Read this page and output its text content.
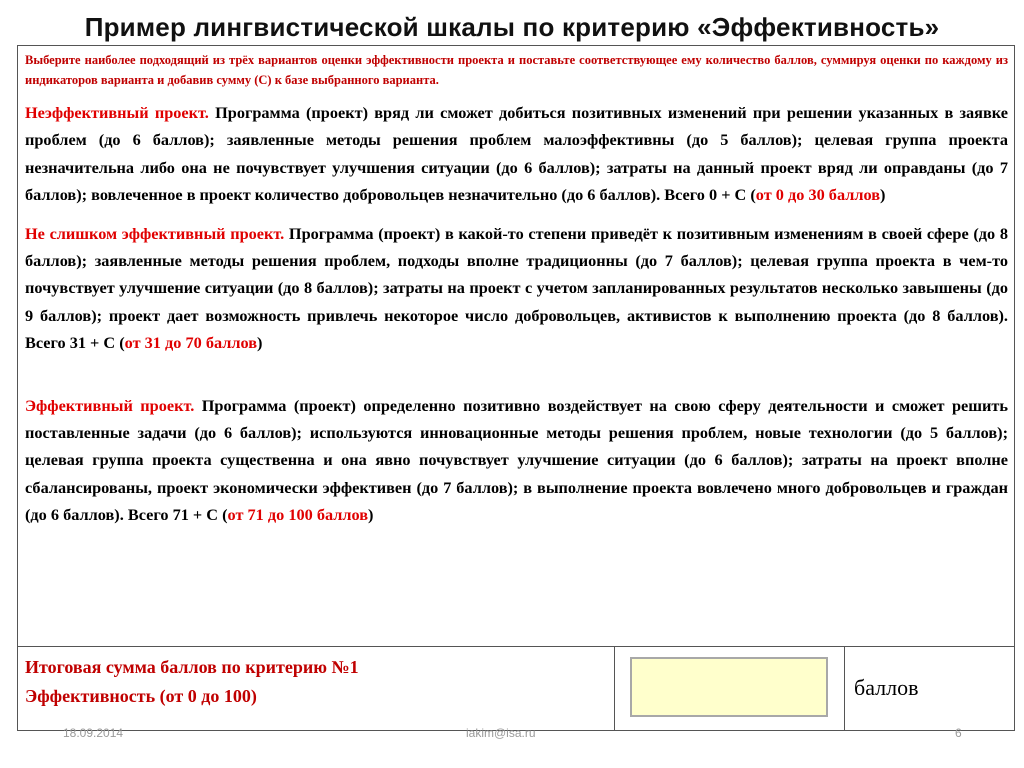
Пример лингвистической шкалы по критерию «Эффективность»

Выберите наиболее подходящий из трёх вариантов оценки эффективности проекта и поставьте соответствующее ему количество баллов, суммируя оценки по каждому из индикаторов варианта и добавив сумму (С) к базе выбранного варианта.

Неэффективный проект. Программа (проект) вряд ли сможет добиться позитивных изменений при решении указанных в заявке проблем (до 6 баллов); заявленные методы решения проблем малоэффективны (до 5 баллов); целевая группа проекта незначительна либо она не почувствует улучшения ситуации (до 6 баллов); затраты на данный проект вряд ли оправданы (до 7 баллов); вовлеченное в проект количество добровольцев незначительно (до 6 баллов). Всего 0 + С (от 0 до 30 баллов)

Не слишком эффективный проект. Программа (проект) в какой-то степени приведёт к позитивным изменениям в своей сфере (до 8 баллов); заявленные методы решения проблем, подходы вполне традиционны (до 7 баллов); целевая группа проекта в чем-то почувствует улучшение ситуации (до 8 баллов); затраты на проект с учетом запланированных результатов несколько завышены (до 9 баллов); проект дает возможность привлечь некоторое число добровольцев, активистов к выполнению проекта (до 8 баллов). Всего 31 + С (от 31 до 70 баллов)

Эффективный проект. Программа (проект) определенно позитивно воздействует на свою сферу деятельности и сможет решить поставленные задачи (до 6 баллов); используются инновационные методы решения проблем, новые технологии (до 5 баллов); целевая группа проекта существенна и она явно почувствует улучшение ситуации (до 6 баллов); затраты на проект вполне сбалансированы, проект экономически эффективен (до 7 баллов); в выполнение проекта вовлечено много добровольцев и граждан (до 6 баллов). Всего 71 + С (от 71 до 100 баллов)

Итоговая сумма баллов по критерию №1
Эффективность (от 0 до 100)	баллов
18.09.2014	iakim@isa.ru	6
